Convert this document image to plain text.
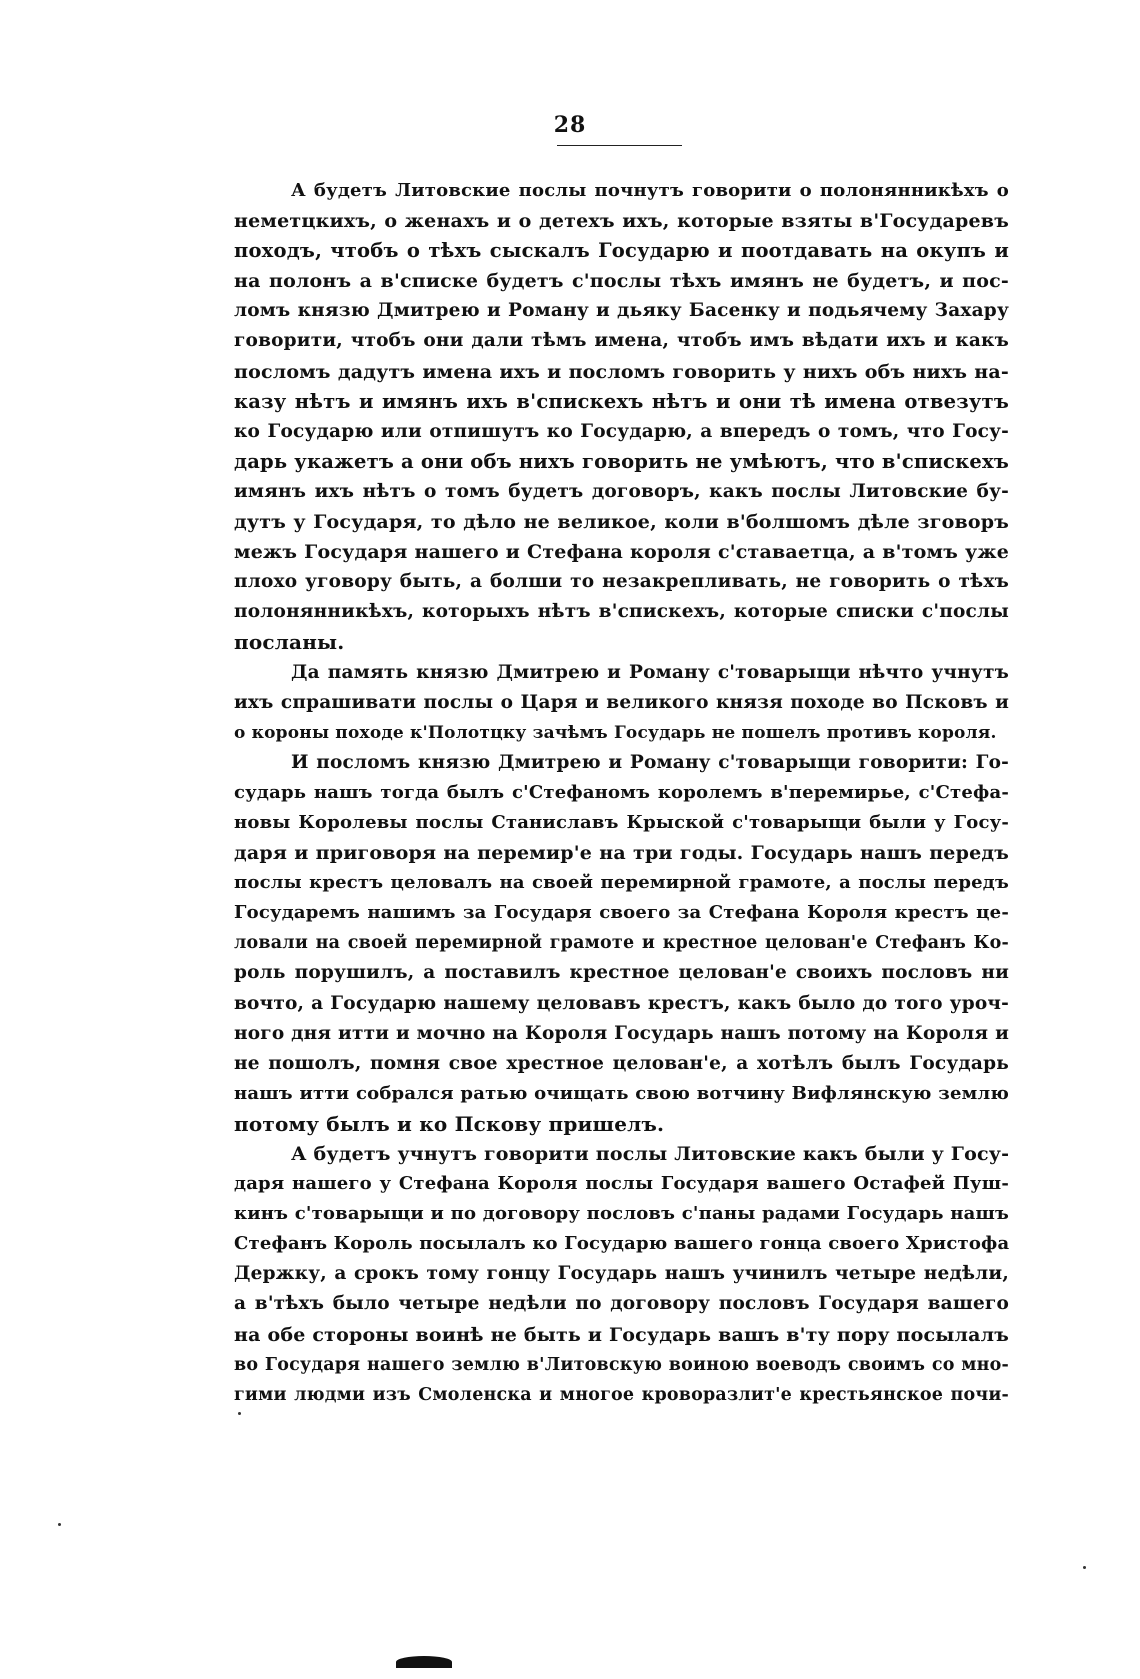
28
А будетъ Литовские послы почнутъ говорити о полонянникѣхъ о
неметцкихъ, о женахъ и о детехъ ихъ, которые взяты в'Государевъ
походъ, чтобъ о тѣхъ сыскалъ Государю и поотдавать на окупъ и
на полонъ а в'списке будетъ с'послы тѣхъ имянъ не будетъ, и пос-
ломъ князю Дмитрею и Роману и дьяку Басенку и подьячему Захару
говорити, чтобъ они дали тѣмъ имена, чтобъ имъ вѣдати ихъ и какъ
посломъ дадутъ имена ихъ и посломъ говорить у нихъ объ нихъ на-
казу нѣтъ и имянъ ихъ в'спискехъ нѣтъ и они тѣ имена отвезутъ
ко Государю или отпишутъ ко Государю, а впередъ о томъ, что Госу-
дарь укажетъ а они объ нихъ говорить не умѣютъ, что в'спискехъ
имянъ ихъ нѣтъ о томъ будетъ договоръ, какъ послы Литовские бу-
дутъ у Государя, то дѣло не великое, коли в'болшомъ дѣле зговоръ
межъ Государя нашего и Стефана короля с'ставаетца, а в'томъ уже
плохо уговору быть, а болши то незакрепливать, не говорить о тѣхъ
полонянникѣхъ, которыхъ нѣтъ в'спискехъ, которые списки с'послы
посланы.
Да память князю Дмитрею и Роману с'товарыщи нѣчто учнутъ
ихъ спрашивати послы о Царя и великого князя походе во Псковъ и
о короны походе к'Полотцку зачѣмъ Государь не пошелъ противъ короля.
И посломъ князю Дмитрею и Роману с'товарыщи говорити: Го-
сударь нашъ тогда былъ с'Стефаномъ королемъ в'перемирье, с'Стефа-
новы Королевы послы Станиславъ Крыской с'товарыщи были у Госу-
даря и приговоря на перемир'е на три годы. Государь нашъ передъ
послы крестъ целовалъ на своей перемирной грамоте, а послы передъ
Государемъ нашимъ за Государя своего за Стефана Короля крестъ це-
ловали на своей перемирной грамоте и крестное целован'е Стефанъ Ко-
роль порушилъ, а поставилъ крестное целован'е своихъ пословъ ни
вочто, а Государю нашему целовавъ крестъ, какъ было до того уроч-
ного дня итти и мочно на Короля Государь нашъ потому на Короля и
не пошолъ, помня свое хрестное целован'е, а хотѣлъ былъ Государь
нашъ итти собрался ратью очищать свою вотчину Вифлянскую землю
потому былъ и ко Пскову пришелъ.
А будетъ учнутъ говорити послы Литовские какъ были у Госу-
даря нашего у Стефана Короля послы Государя вашего Остафей Пуш-
кинъ с'товарыщи и по договору пословъ с'паны радами Государь нашъ
Стефанъ Король посылалъ ко Государю вашего гонца своего Христофа
Держку, а срокъ тому гонцу Государь нашъ учинилъ четыре недѣли,
а в'тѣхъ было четыре недѣли по договору пословъ Государя вашего
на обе стороны воинѣ не быть и Государь вашъ в'ту пору посылалъ
во Государя нашего землю в'Литовскую воиною воеводъ своимъ со мно-
гими людми изъ Смоленска и многое кроворазлит'е крестьянское почи-
